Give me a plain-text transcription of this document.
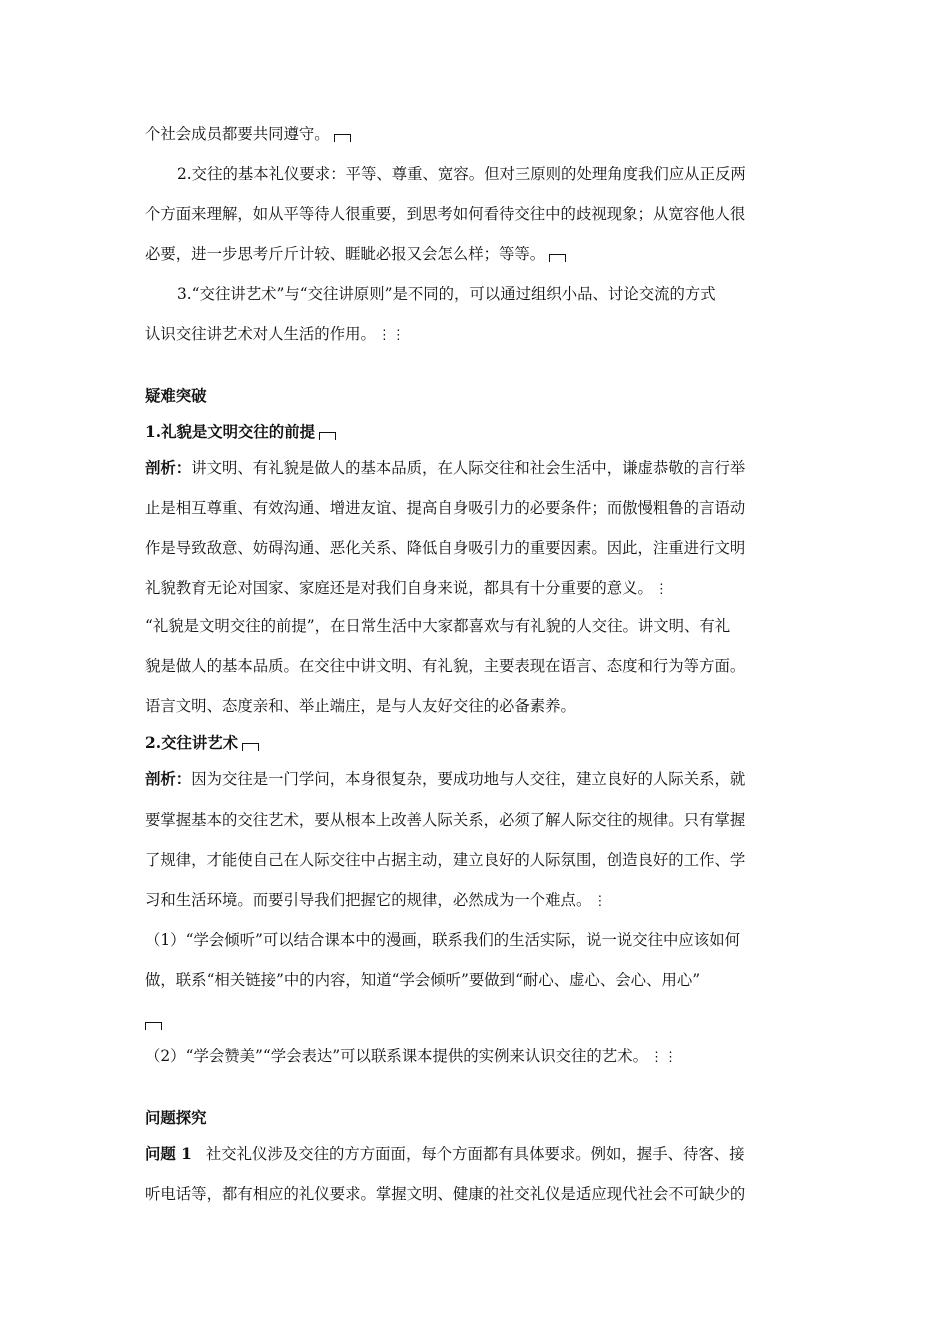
个社会成员都要共同遵守。
2.交往的基本礼仪要求：平等、尊重、宽容。但对三原则的处理角度我们应从正反两
个方面来理解，如从平等待人很重要，到思考如何看待交往中的歧视现象；从宽容他人很
必要，进一步思考斤斤计较、睚眦必报又会怎么样；等等。
3.“交往讲艺术”与“交往讲原则”是不同的，可以通过组织小品、讨论交流的方式
认识交往讲艺术对人生活的作用。 ⋮⋮
疑难突破
1.礼貌是文明交往的前提
剖析：讲文明、有礼貌是做人的基本品质，在人际交往和社会生活中，谦虚恭敬的言行举
止是相互尊重、有效沟通、增进友谊、提高自身吸引力的必要条件；而傲慢粗鲁的言语动
作是导致敌意、妨碍沟通、恶化关系、降低自身吸引力的重要因素。因此，注重进行文明
礼貌教育无论对国家、家庭还是对我们自身来说，都具有十分重要的意义。 ⋮
“礼貌是文明交往的前提”，在日常生活中大家都喜欢与有礼貌的人交往。讲文明、有礼
貌是做人的基本品质。在交往中讲文明、有礼貌，主要表现在语言、态度和行为等方面。
语言文明、态度亲和、举止端庄，是与人友好交往的必备素养。
2.交往讲艺术
剖析：因为交往是一门学问，本身很复杂，要成功地与人交往，建立良好的人际关系，就
要掌握基本的交往艺术，要从根本上改善人际关系，必须了解人际交往的规律。只有掌握
了规律，才能使自己在人际交往中占据主动，建立良好的人际氛围，创造良好的工作、学
习和生活环境。而要引导我们把握它的规律，必然成为一个难点。 ⋮
（1）“学会倾听”可以结合课本中的漫画，联系我们的生活实际，说一说交往中应该如何
做，联系“相关链接”中的内容，知道“学会倾听”要做到“耐心、虚心、会心、用心”
（2）“学会赞美”“学会表达”可以联系课本提供的实例来认识交往的艺术。 ⋮⋮
问题探究
问题 1 社交礼仪涉及交往的方方面面，每个方面都有具体要求。例如，握手、待客、接
听电话等，都有相应的礼仪要求。掌握文明、健康的社交礼仪是适应现代社会不可缺少的
